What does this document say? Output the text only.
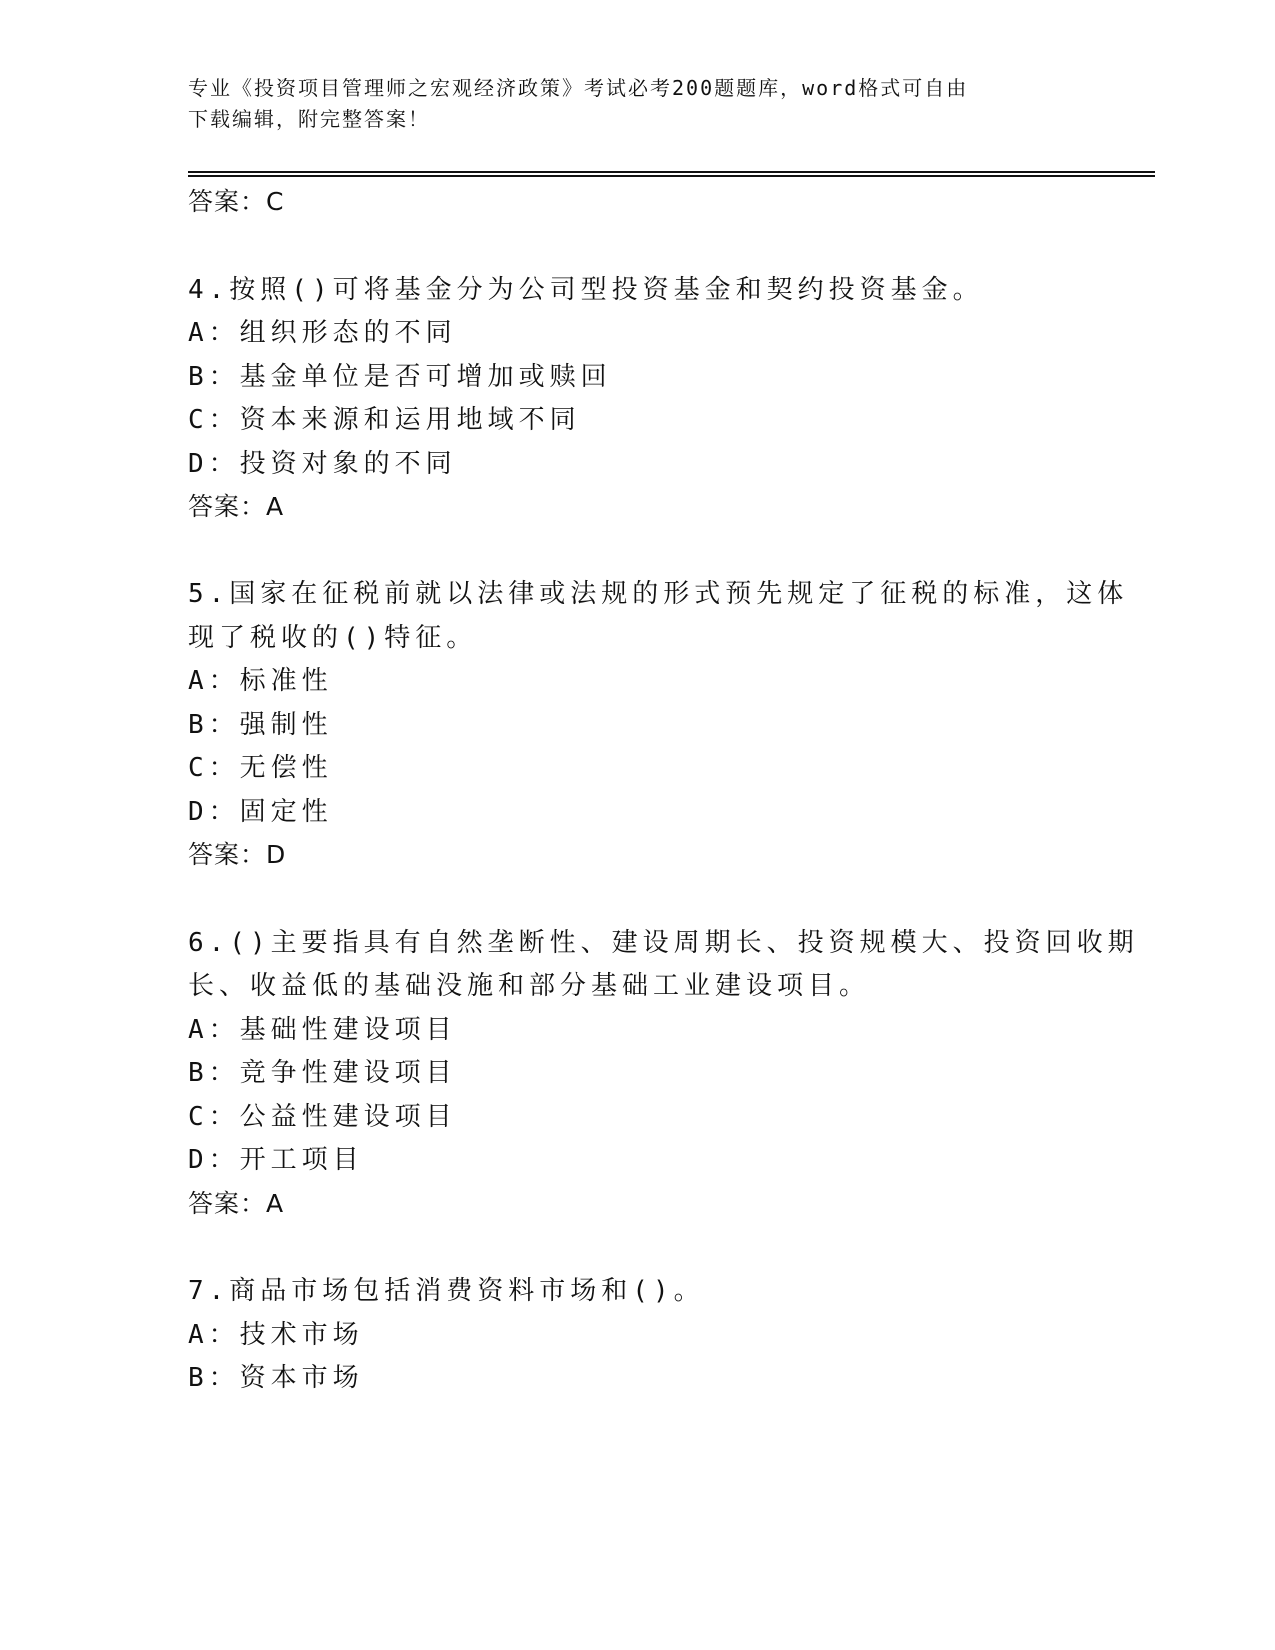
专业《投资项目管理师之宏观经济政策》考试必考200题题库，word格式可自由
下载编辑，附完整答案！
答案：C
4.按照()可将基金分为公司型投资基金和契约投资基金。
A：组织形态的不同
B：基金单位是否可增加或赎回
C：资本来源和运用地域不同
D：投资对象的不同
答案：A
5.国家在征税前就以法律或法规的形式预先规定了征税的标准，这体
现了税收的()特征。
A：标准性
B：强制性
C：无偿性
D：固定性
答案：D
6.()主要指具有自然垄断性、建设周期长、投资规模大、投资回收期
长、收益低的基础没施和部分基础工业建设项目。
A：基础性建设项目
B：竞争性建设项目
C：公益性建设项目
D：开工项目
答案：A
7.商品市场包括消费资料市场和()。
A：技术市场
B：资本市场
